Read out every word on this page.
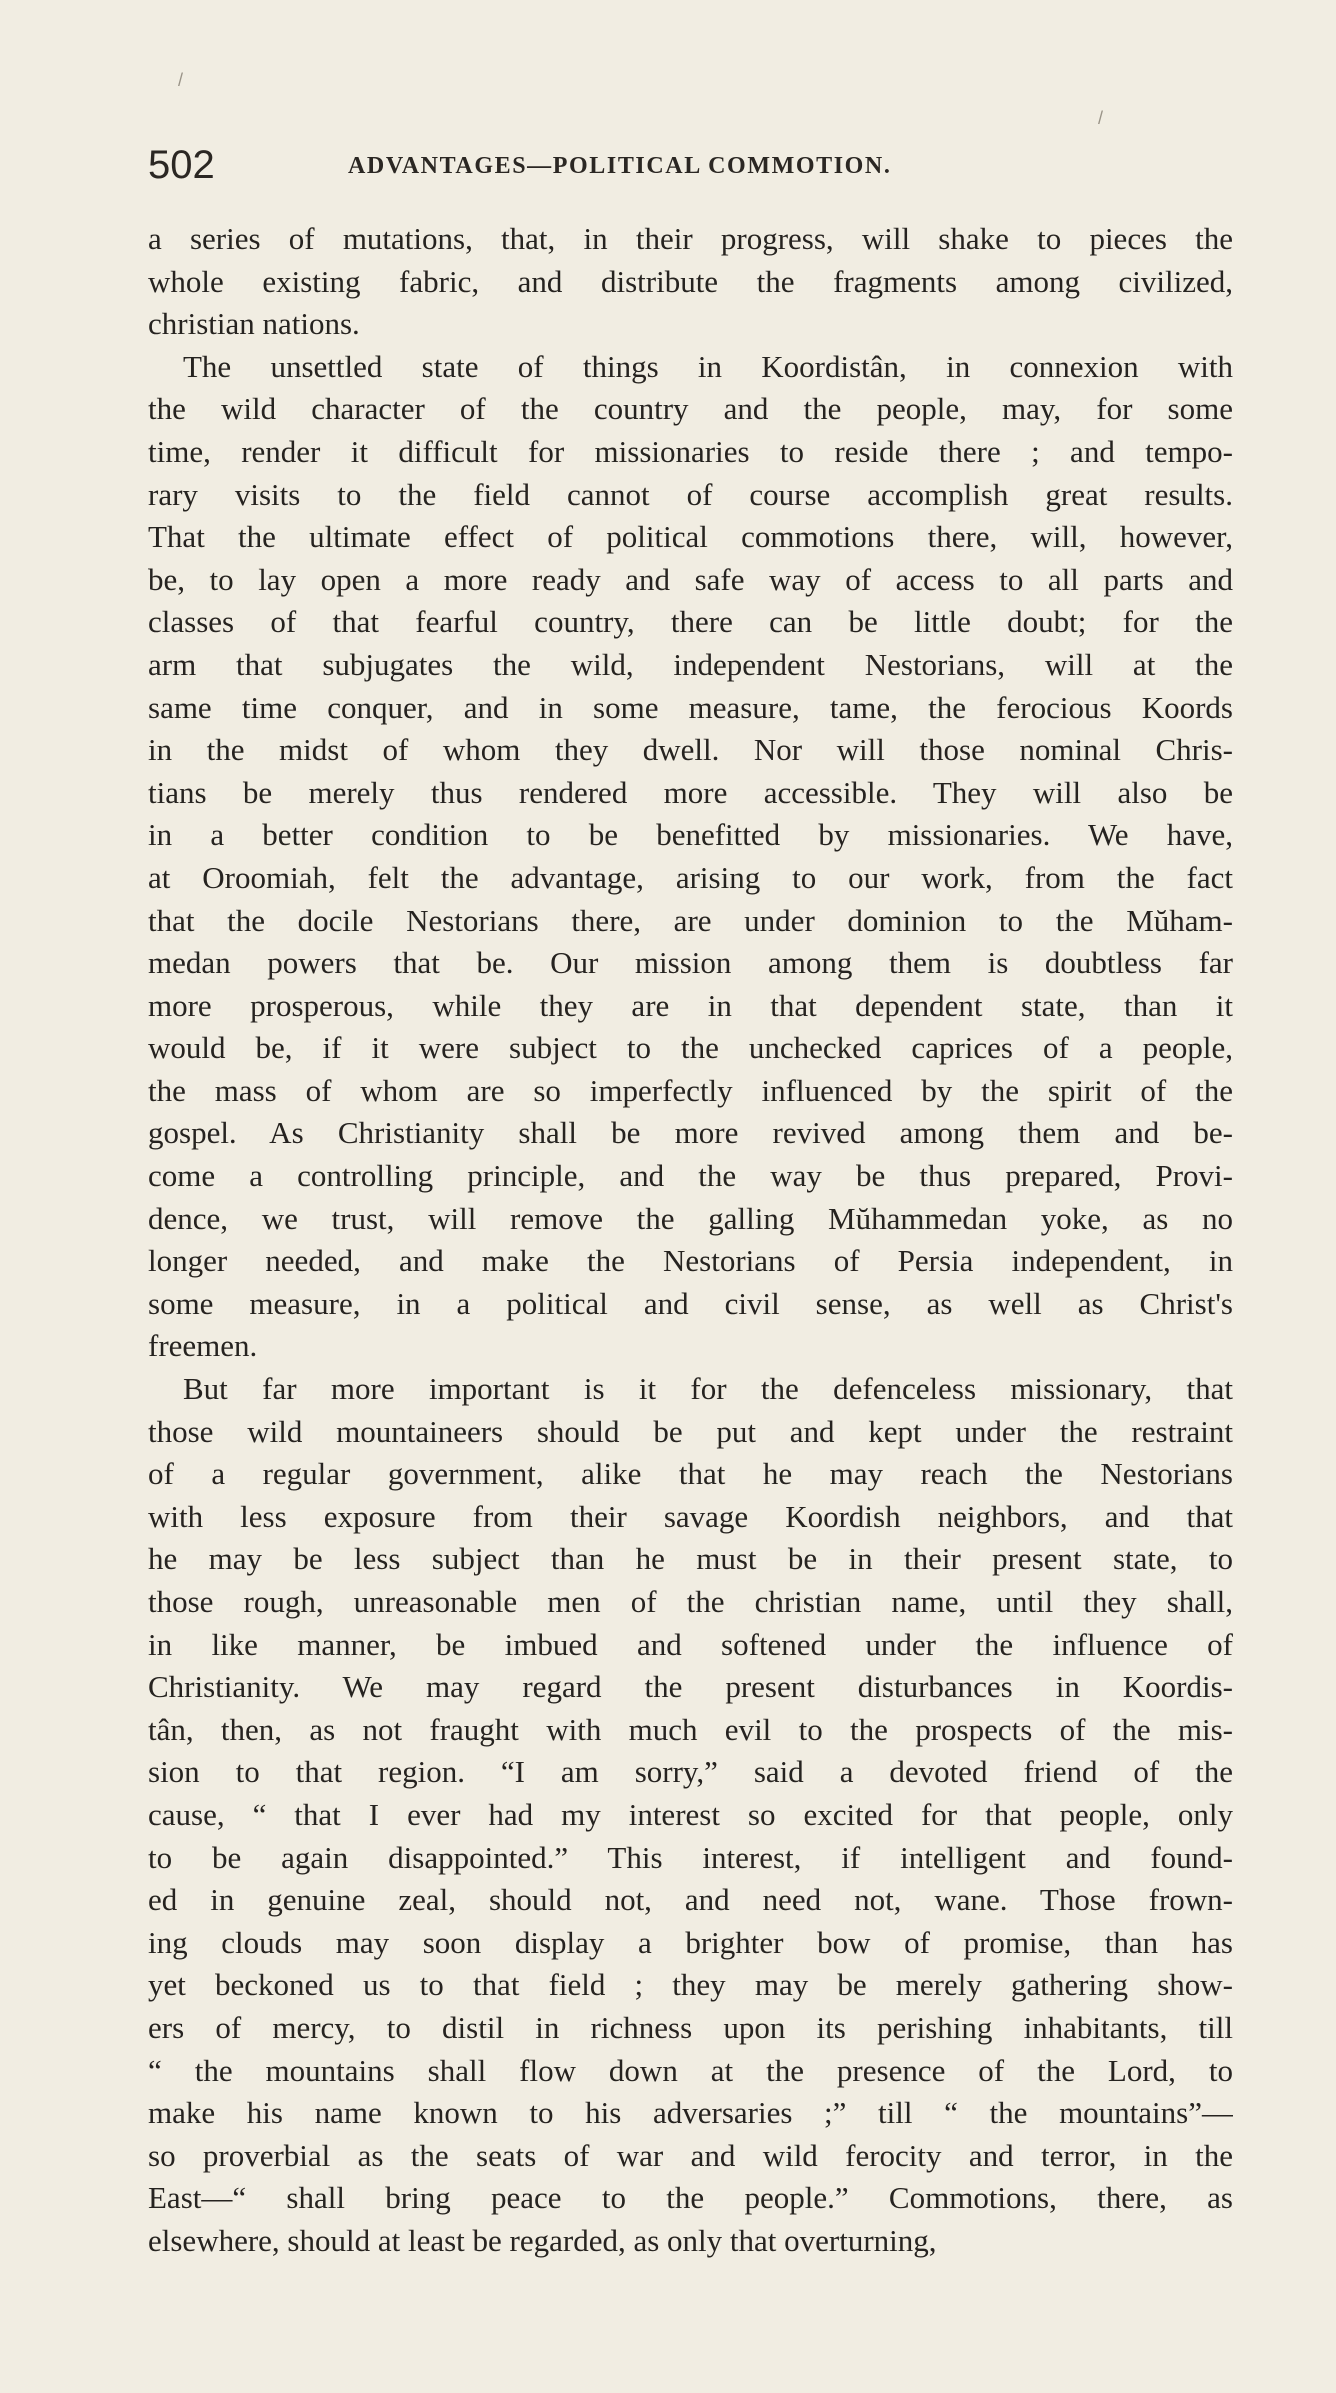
/
/
502	ADVANTAGES—POLITICAL COMMOTION.
a series of mutations, that, in their progress, will shake to pieces the
whole existing fabric, and distribute the fragments among civilized,
christian nations.
The unsettled state of things in Koordistân, in connexion with
the wild character of the country and the people, may, for some
time, render it difficult for missionaries to reside there ; and tempo-
rary visits to the field cannot of course accomplish great results.
That the ultimate effect of political commotions there, will, however,
be, to lay open a more ready and safe way of access to all parts and
classes of that fearful country, there can be little doubt; for the
arm that subjugates the wild, independent Nestorians, will at the
same time conquer, and in some measure, tame, the ferocious Koords
in the midst of whom they dwell. Nor will those nominal Chris-
tians be merely thus rendered more accessible. They will also be
in a better condition to be benefitted by missionaries. We have,
at Oroomiah, felt the advantage, arising to our work, from the fact
that the docile Nestorians there, are under dominion to the Mŭham-
medan powers that be. Our mission among them is doubtless far
more prosperous, while they are in that dependent state, than it
would be, if it were subject to the unchecked caprices of a people,
the mass of whom are so imperfectly influenced by the spirit of the
gospel. As Christianity shall be more revived among them and be-
come a controlling principle, and the way be thus prepared, Provi-
dence, we trust, will remove the galling Mŭhammedan yoke, as no
longer needed, and make the Nestorians of Persia independent, in
some measure, in a political and civil sense, as well as Christ's
freemen.
But far more important is it for the defenceless missionary, that
those wild mountaineers should be put and kept under the restraint
of a regular government, alike that he may reach the Nestorians
with less exposure from their savage Koordish neighbors, and that
he may be less subject than he must be in their present state, to
those rough, unreasonable men of the christian name, until they shall,
in like manner, be imbued and softened under the influence of
Christianity. We may regard the present disturbances in Koordis-
tân, then, as not fraught with much evil to the prospects of the mis-
sion to that region. “I am sorry,” said a devoted friend of the
cause, “ that I ever had my interest so excited for that people, only
to be again disappointed.” This interest, if intelligent and found-
ed in genuine zeal, should not, and need not, wane. Those frown-
ing clouds may soon display a brighter bow of promise, than has
yet beckoned us to that field ; they may be merely gathering show-
ers of mercy, to distil in richness upon its perishing inhabitants, till
“ the mountains shall flow down at the presence of the Lord, to
make his name known to his adversaries ;” till “ the mountains”—
so proverbial as the seats of war and wild ferocity and terror, in the
East—“ shall bring peace to the people.” Commotions, there, as
elsewhere, should at least be regarded, as only that overturning,
